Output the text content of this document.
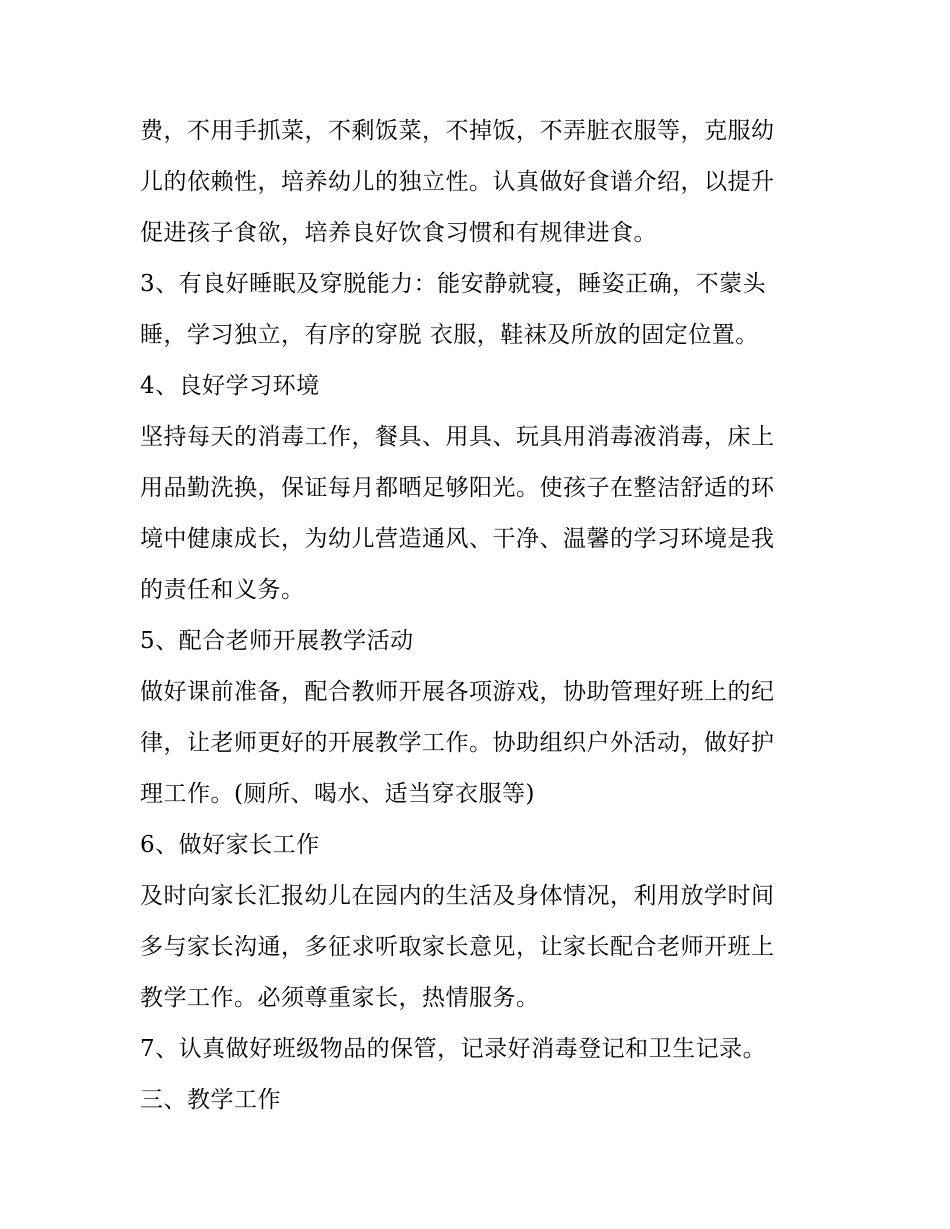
费，不用手抓菜，不剩饭菜，不掉饭，不弄脏衣服等，克服幼

儿的依赖性，培养幼儿的独立性。认真做好食谱介绍，以提升

促进孩子食欲，培养良好饮食习惯和有规律进食。

3、有良好睡眠及穿脱能力：能安静就寝，睡姿正确，不蒙头

睡，学习独立，有序的穿脱 衣服，鞋袜及所放的固定位置。

4、良好学习环境

坚持每天的消毒工作，餐具、用具、玩具用消毒液消毒，床上

用品勤洗换，保证每月都晒足够阳光。使孩子在整洁舒适的环

境中健康成长，为幼儿营造通风、干净、温馨的学习环境是我

的责任和义务。

5、配合老师开展教学活动

做好课前准备，配合教师开展各项游戏，协助管理好班上的纪

律，让老师更好的开展教学工作。协助组织户外活动，做好护

理工作。(厕所、喝水、适当穿衣服等)

6、做好家长工作

及时向家长汇报幼儿在园内的生活及身体情况，利用放学时间

多与家长沟通，多征求听取家长意见，让家长配合老师开班上

教学工作。必须尊重家长，热情服务。

7、认真做好班级物品的保管，记录好消毒登记和卫生记录。

三、教学工作
